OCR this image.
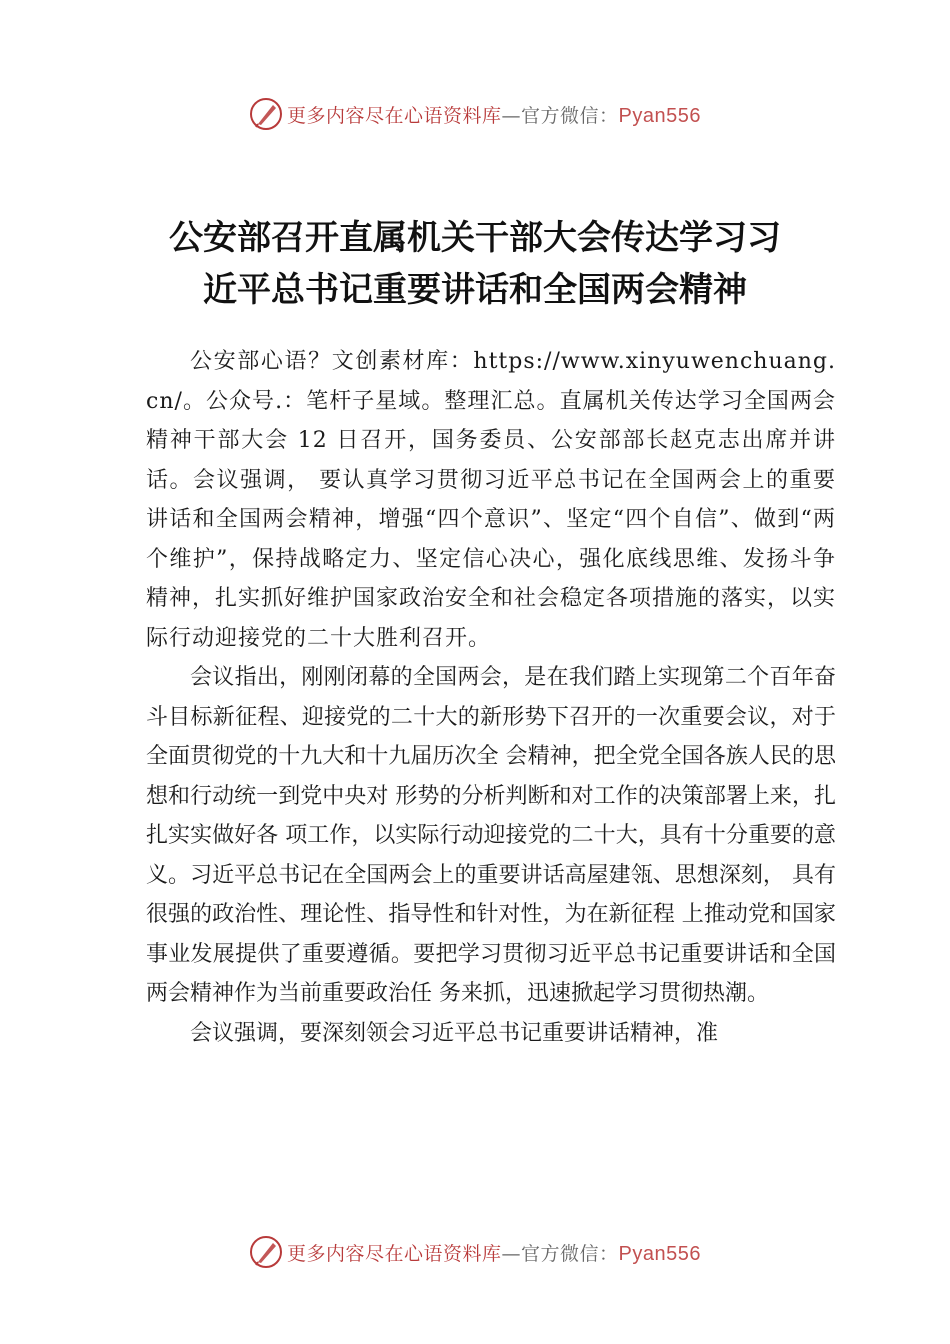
更多内容尽在心语资料库—官方微信：Pyan556
公安部召开直属机关干部大会传达学习习
近平总书记重要讲话和全国两会精神

公安部心语？文创素材库：https://www.xinyuwenchuang.cn/。公众号.：笔杆子星域。整理汇总。直属机关传达学习全国两会精神干部大会 12 日召开，国务委员、公安部部长赵克志出席并讲话。会议强调， 要认真学习贯彻习近平总书记在全国两会上的重要讲话和全国两会精神，增强“四个意识”、坚定“四个自信”、做到“两个维护”，保持战略定力、坚定信心决心，强化底线思维、发扬斗争精神，扎实抓好维护国家政治安全和社会稳定各项措施的落实，以实际行动迎接党的二十大胜利召开。

会议指出，刚刚闭幕的全国两会，是在我们踏上实现第二个百年奋斗目标新征程、迎接党的二十大的新形势下召开的一次重要会议，对于全面贯彻党的十九大和十九届历次全 会精神，把全党全国各族人民的思想和行动统一到党中央对 形势的分析判断和对工作的决策部署上来，扎扎实实做好各 项工作，以实际行动迎接党的二十大，具有十分重要的意义。习近平总书记在全国两会上的重要讲话高屋建瓴、思想深刻， 具有很强的政治性、理论性、指导性和针对性，为在新征程 上推动党和国家事业发展提供了重要遵循。要把学习贯彻习近平总书记重要讲话和全国两会精神作为当前重要政治任 务来抓，迅速掀起学习贯彻热潮。

会议强调，要深刻领会习近平总书记重要讲话精神，准

更多内容尽在心语资料库—官方微信：Pyan556
